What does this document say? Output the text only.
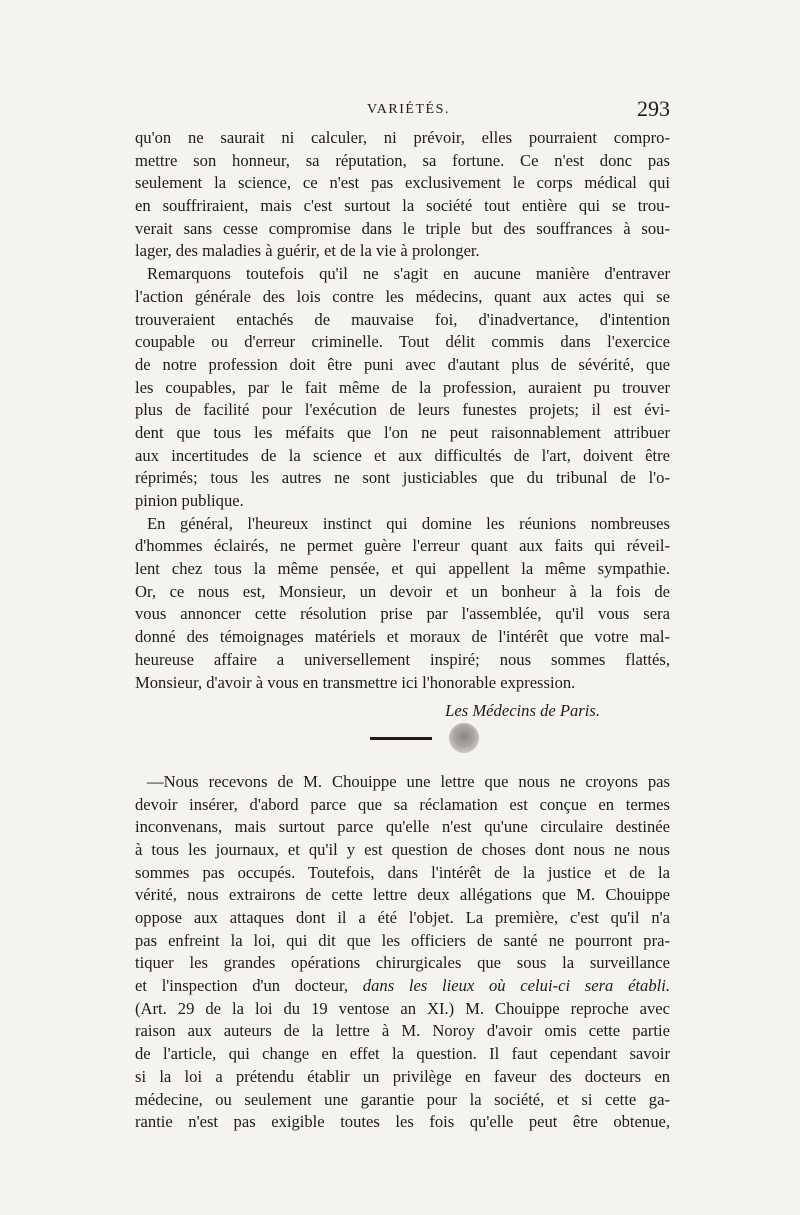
VARIÉTÉS.	293
qu'on ne saurait ni calculer, ni prévoir, elles pourraient compro-
mettre son honneur, sa réputation, sa fortune. Ce n'est donc pas
seulement la science, ce n'est pas exclusivement le corps médical qui
en souffriraient, mais c'est surtout la société tout entière qui se trou-
verait sans cesse compromise dans le triple but des souffrances à sou-
lager, des maladies à guérir, et de la vie à prolonger.
Remarquons toutefois qu'il ne s'agit en aucune manière d'entraver
l'action générale des lois contre les médecins, quant aux actes qui se
trouveraient entachés de mauvaise foi, d'inadvertance, d'intention
coupable ou d'erreur criminelle. Tout délit commis dans l'exercice
de notre profession doit être puni avec d'autant plus de sévérité, que
les coupables, par le fait même de la profession, auraient pu trouver
plus de facilité pour l'exécution de leurs funestes projets; il est évi-
dent que tous les méfaits que l'on ne peut raisonnablement attribuer
aux incertitudes de la science et aux difficultés de l'art, doivent être
réprimés; tous les autres ne sont justiciables que du tribunal de l'o-
pinion publique.
En général, l'heureux instinct qui domine les réunions nombreuses
d'hommes éclairés, ne permet guère l'erreur quant aux faits qui réveil-
lent chez tous la même pensée, et qui appellent la même sympathie.
Or, ce nous est, Monsieur, un devoir et un bonheur à la fois de
vous annoncer cette résolution prise par l'assemblée, qu'il vous sera
donné des témoignages matériels et moraux de l'intérêt que votre mal-
heureuse affaire a universellement inspiré; nous sommes flattés,
Monsieur, d'avoir à vous en transmettre ici l'honorable expression.
Les Médecins de Paris.
—Nous recevons de M. Chouippe une lettre que nous ne croyons pas
devoir insérer, d'abord parce que sa réclamation est conçue en termes
inconvenans, mais surtout parce qu'elle n'est qu'une circulaire destinée
à tous les journaux, et qu'il y est question de choses dont nous ne nous
sommes pas occupés. Toutefois, dans l'intérêt de la justice et de la
vérité, nous extrairons de cette lettre deux allégations que M. Chouippe
oppose aux attaques dont il a été l'objet. La première, c'est qu'il n'a
pas enfreint la loi, qui dit que les officiers de santé ne pourront pra-
tiquer les grandes opérations chirurgicales que sous la surveillance
et l'inspection d'un docteur, dans les lieux où celui-ci sera établi.
(Art. 29 de la loi du 19 ventose an XI.) M. Chouippe reproche avec
raison aux auteurs de la lettre à M. Noroy d'avoir omis cette partie
de l'article, qui change en effet la question. Il faut cependant savoir
si la loi a prétendu établir un privilège en faveur des docteurs en
médecine, ou seulement une garantie pour la société, et si cette ga-
rantie n'est pas exigible toutes les fois qu'elle peut être obtenue,
